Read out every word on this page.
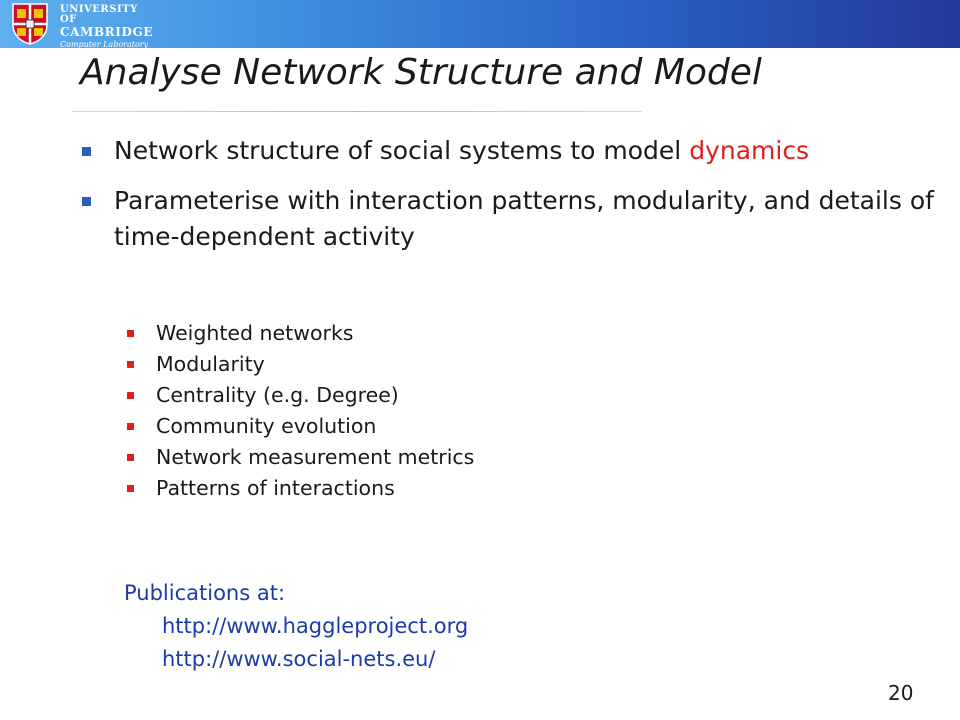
UNIVERSITY OF
CAMBRIDGE
Computer Laboratory
Analyse Network Structure and Model
Network structure of social systems to model dynamics
Parameterise with interaction patterns, modularity, and details of time-dependent activity
Weighted networks
Modularity
Centrality (e.g. Degree)
Community evolution
Network measurement metrics
Patterns of interactions
Publications at:
http://www.haggleproject.org
http://www.social-nets.eu/
20
